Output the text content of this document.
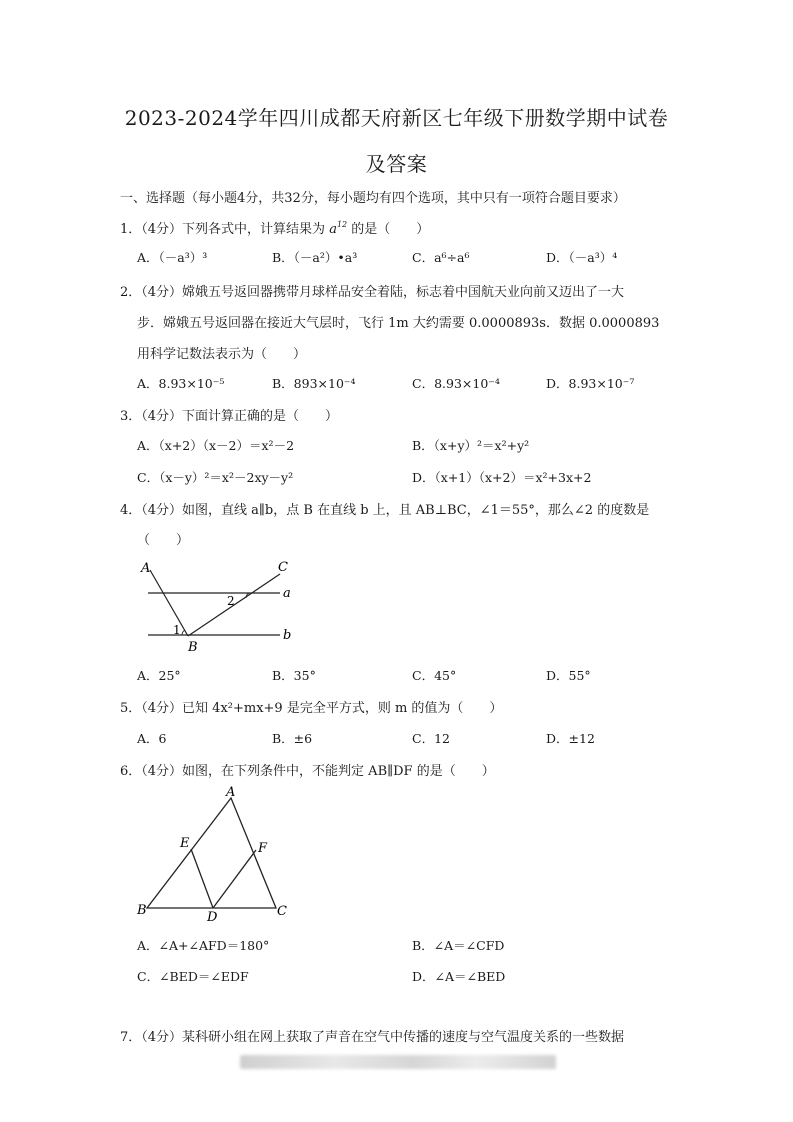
2023-2024学年四川成都天府新区七年级下册数学期中试卷
及答案
一、选择题（每小题4分，共32分，每小题均有四个选项，其中只有一项符合题目要求）
1．（4分）下列各式中，计算结果为 $a^{12}$ 的是（　　）
A．（－a³）³	B．（－a²）•a³	C．a⁶÷a⁶	D．（－a³）⁴
2．（4分）嫦娥五号返回器携带月球样品安全着陆，标志着中国航天业向前又迈出了一大
步．嫦娥五号返回器在接近大气层时，飞行 1m 大约需要 0.0000893s．数据 0.0000893
用科学记数法表示为（　　）
A．8.93×10⁻⁵	B．893×10⁻⁴	C．8.93×10⁻⁴	D．8.93×10⁻⁷
3．（4分）下面计算正确的是（　　）
A．（x+2）（x－2）＝x²－2	B．（x+y）²＝x²+y²
C．（x－y）²＝x²－2xy－y²	D．（x+1）（x+2）＝x²+3x+2
4．（4分）如图，直线 a∥b，点 B 在直线 b 上，且 AB⊥BC，∠1＝55°，那么∠2 的度数是
（　　）
A	C
a
b
B
1
2
A．25°	B．35°	C．45°	D．55°
5．（4分）已知 4x²+mx+9 是完全平方式，则 m 的值为（　　）
A．6	B．±6	C．12	D．±12
6．（4分）如图，在下列条件中，不能判定 AB∥DF 的是（　　）
A
E	F
B	D	C
A．∠A+∠AFD＝180°	B．∠A＝∠CFD
C．∠BED＝∠EDF	D．∠A＝∠BED
7．（4分）某科研小组在网上获取了声音在空气中传播的速度与空气温度关系的一些数据
